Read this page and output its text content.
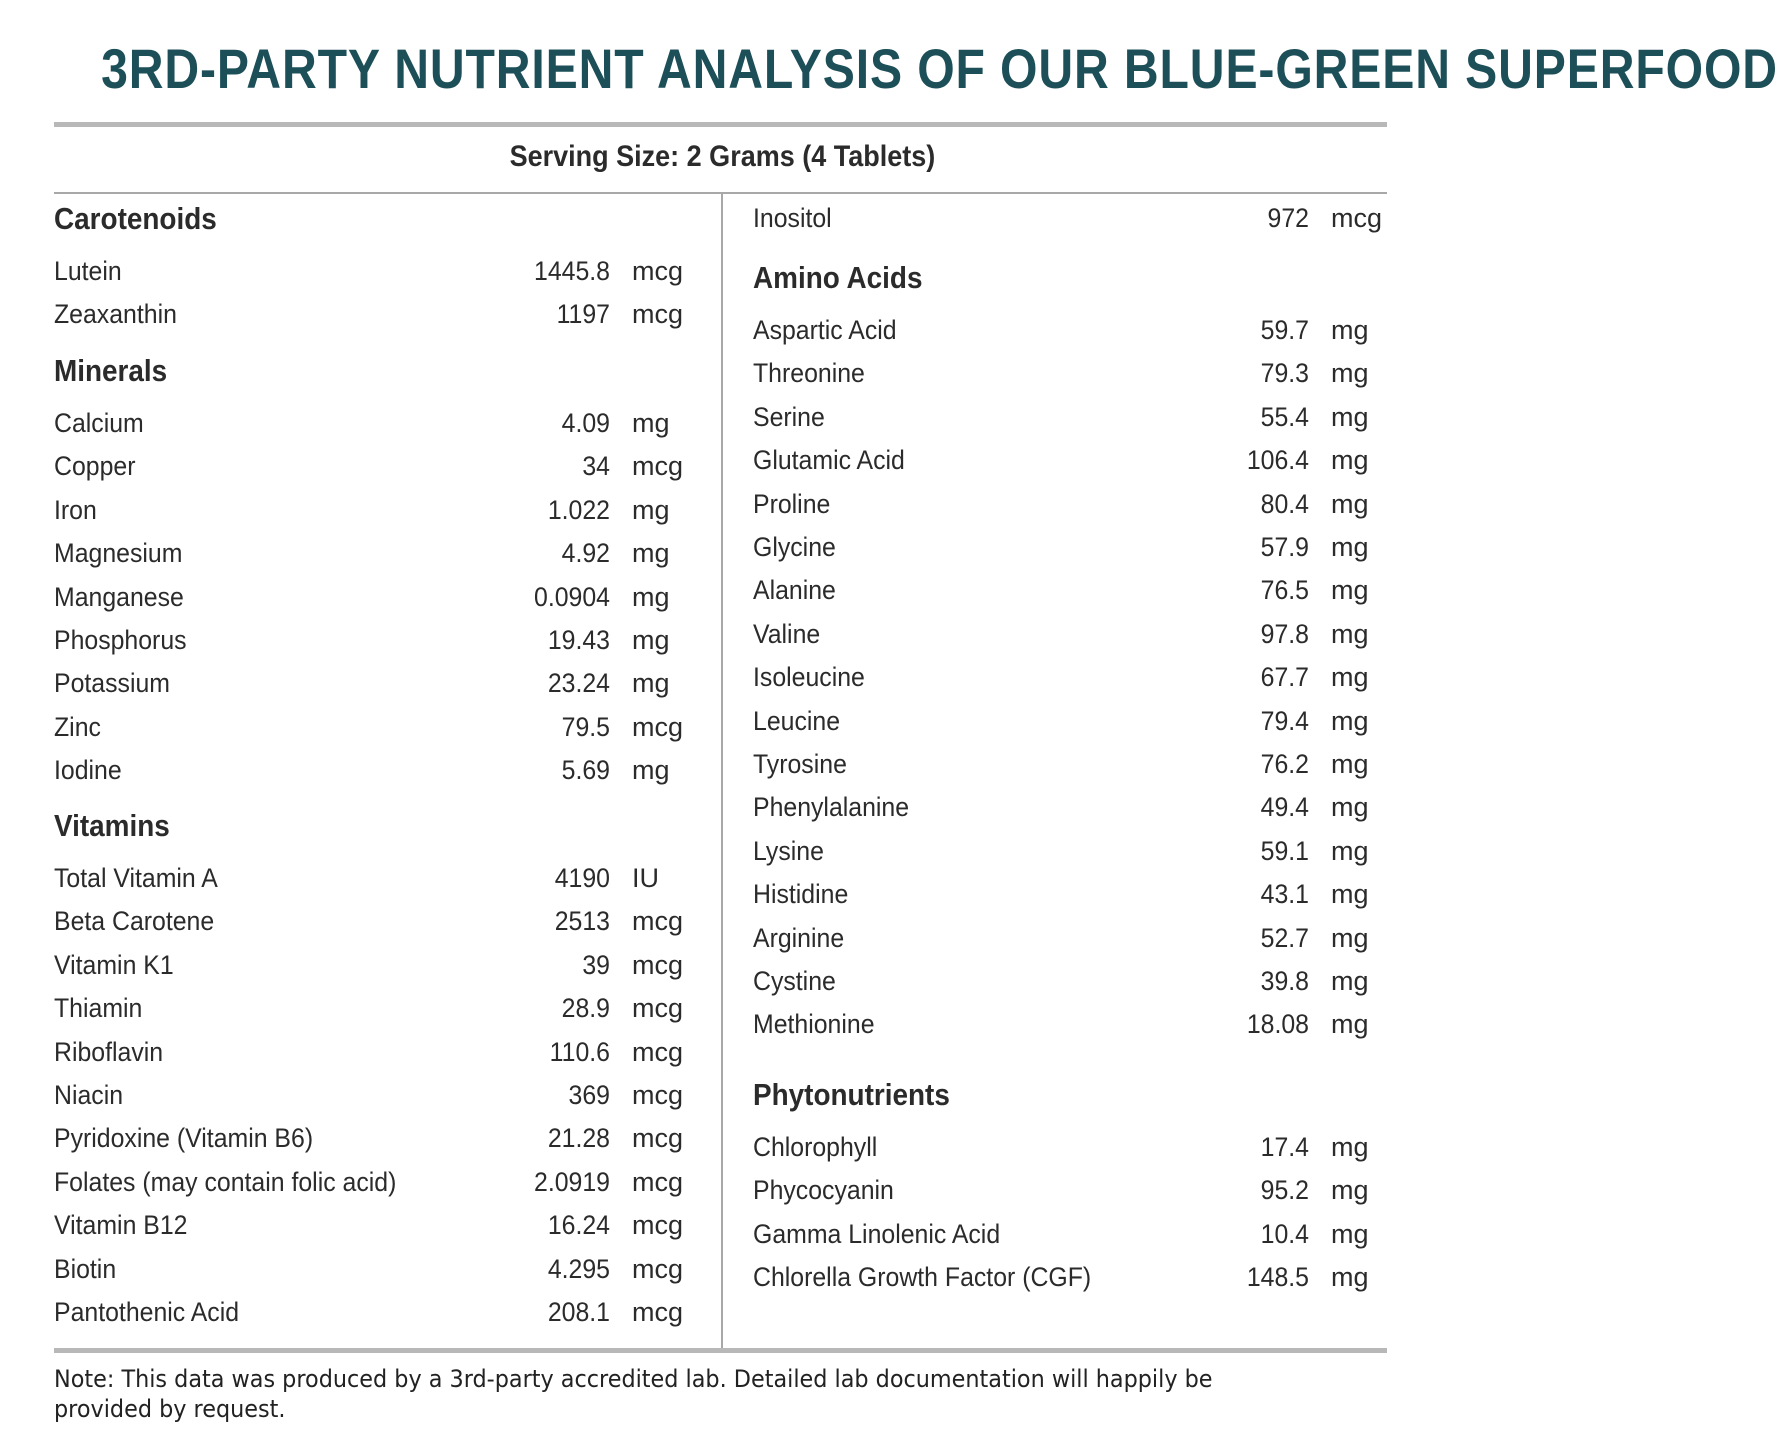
3RD-PARTY NUTRIENT ANALYSIS OF OUR BLUE-GREEN SUPERFOOD
Serving Size: 2 Grams (4 Tablets)
Carotenoids
Lutein	1445.8 mcg
Zeaxanthin	1197 mcg
Minerals
Calcium	4.09 mg
Copper	34 mcg
Iron	1.022 mg
Magnesium	4.92 mg
Manganese	0.0904 mg
Phosphorus	19.43 mg
Potassium	23.24 mg
Zinc	79.5 mcg
Iodine	5.69 mg
Vitamins
Total Vitamin A	4190 IU
Beta Carotene	2513 mcg
Vitamin K1	39 mcg
Thiamin	28.9 mcg
Riboflavin	110.6 mcg
Niacin	369 mcg
Pyridoxine (Vitamin B6)	21.28 mcg
Folates (may contain folic acid)	2.0919 mcg
Vitamin B12	16.24 mcg
Biotin	4.295 mcg
Pantothenic Acid	208.1 mcg
Inositol	972 mcg
Amino Acids
Aspartic Acid	59.7 mg
Threonine	79.3 mg
Serine	55.4 mg
Glutamic Acid	106.4 mg
Proline	80.4 mg
Glycine	57.9 mg
Alanine	76.5 mg
Valine	97.8 mg
Isoleucine	67.7 mg
Leucine	79.4 mg
Tyrosine	76.2 mg
Phenylalanine	49.4 mg
Lysine	59.1 mg
Histidine	43.1 mg
Arginine	52.7 mg
Cystine	39.8 mg
Methionine	18.08 mg
Phytonutrients
Chlorophyll	17.4 mg
Phycocyanin	95.2 mg
Gamma Linolenic Acid	10.4 mg
Chlorella Growth Factor (CGF)	148.5 mg
Note: This data was produced by a 3rd-party accredited lab. Detailed lab documentation will happily be provided by request.
